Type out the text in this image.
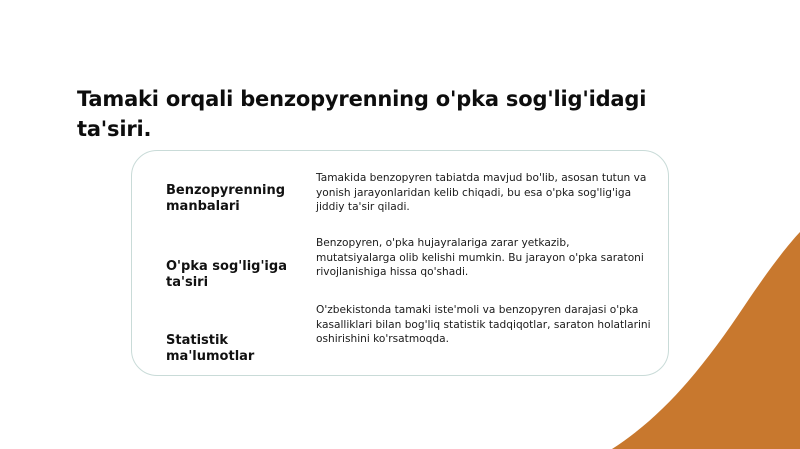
Tamaki orqali benzopyrenning o'pka sog'lig'idagi ta'siri.
Benzopyrenning manbalari
Tamakida benzopyren tabiatda mavjud bo'lib, asosan tutun va yonish jarayonlaridan kelib chiqadi, bu esa o'pka sog'lig'iga jiddiy ta'sir qiladi.
O'pka sog'lig'iga ta'siri
Benzopyren, o'pka hujayralariga zarar yetkazib, mutatsiyalarga olib kelishi mumkin. Bu jarayon o'pka saratoni rivojlanishiga hissa qo'shadi.
Statistik ma'lumotlar
O'zbekistonda tamaki iste'moli va benzopyren darajasi o'pka kasalliklari bilan bog'liq statistik tadqiqotlar, saraton holatlarini oshirishini ko'rsatmoqda.
